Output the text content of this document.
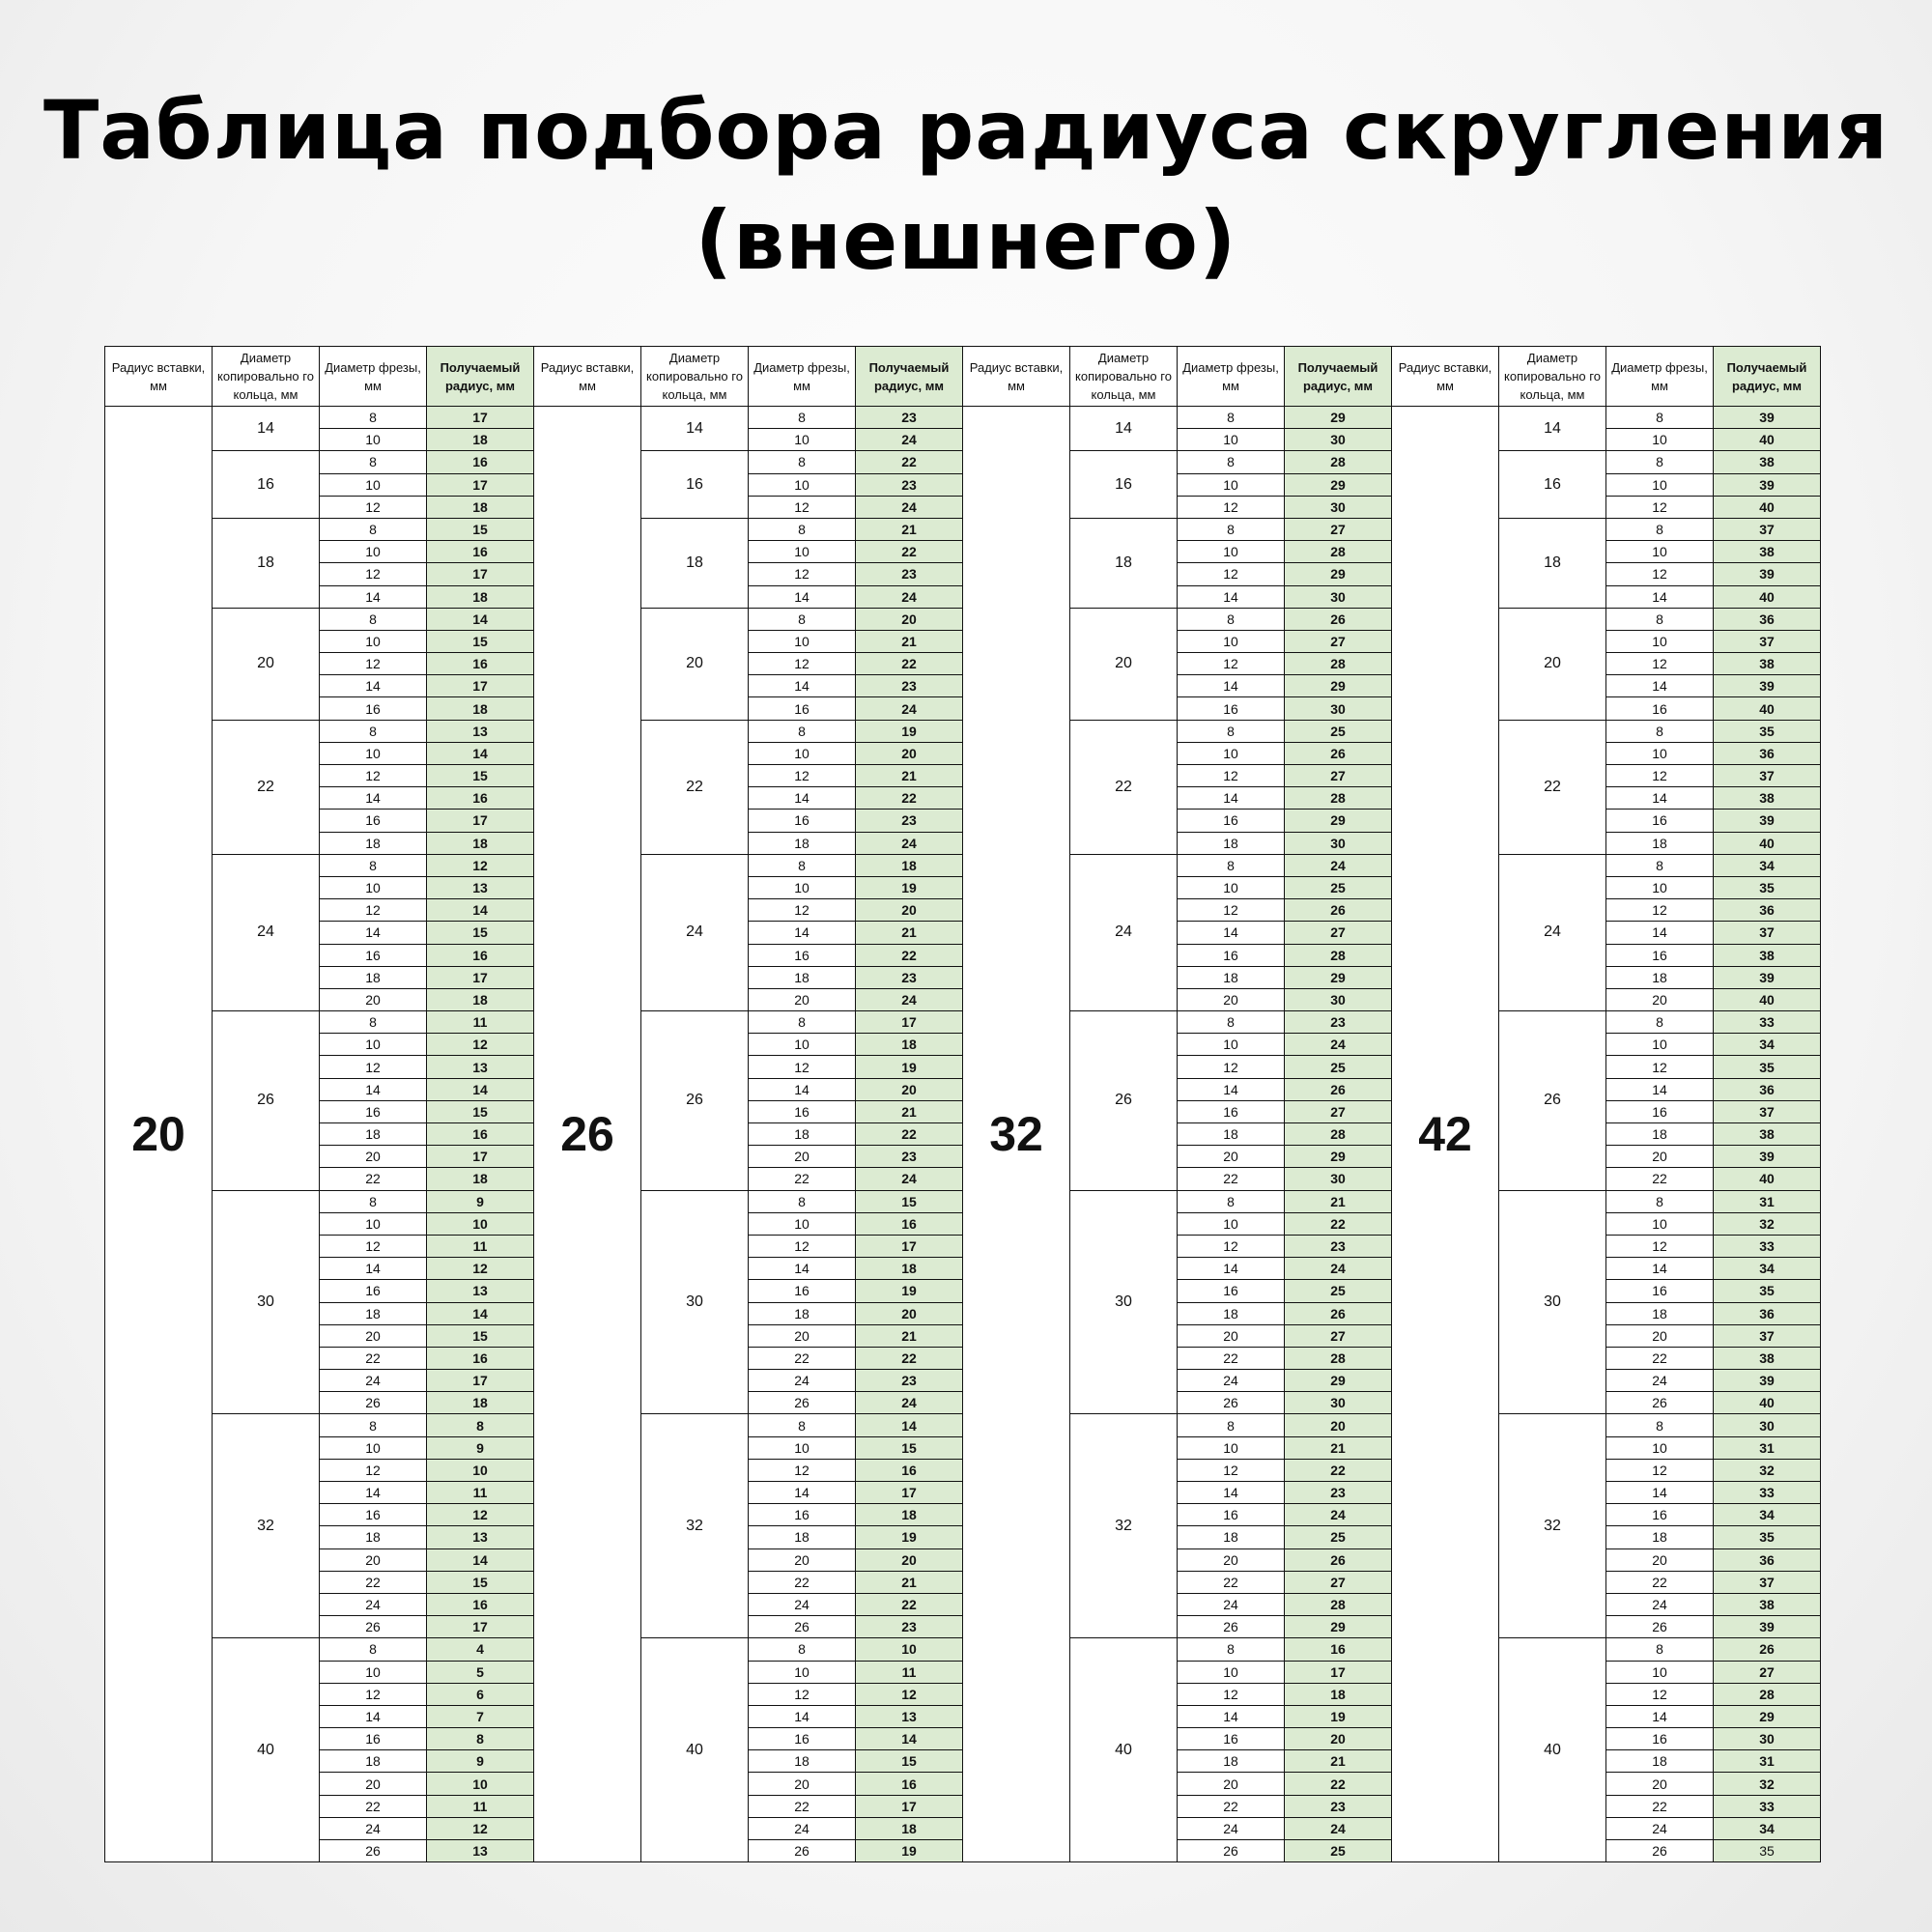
Таблица подбора радиуса скругления
(внешнего)
Радиус вставки, мм	Диаметр копировально го кольца, мм	Диаметр фрезы, мм	Получаемый радиус, мм	Радиус вставки, мм	Диаметр копировально го кольца, мм	Диаметр фрезы, мм	Получаемый радиус, мм	Радиус вставки, мм	Диаметр копировально го кольца, мм	Диаметр фрезы, мм	Получаемый радиус, мм	Радиус вставки, мм	Диаметр копировально го кольца, мм	Диаметр фрезы, мм	Получаемый радиус, мм
20	14	8	17	26	14	8	23	32	14	8	29	42	14	8	39
		10	18			10	24			10	30			10	40
	16	8	16		16	8	22		16	8	28		16	8	38
		10	17			10	23			10	29			10	39
		12	18			12	24			12	30			12	40
	18	8	15		18	8	21		18	8	27		18	8	37
		10	16			10	22			10	28			10	38
		12	17			12	23			12	29			12	39
		14	18			14	24			14	30			14	40
	20	8	14		20	8	20		20	8	26		20	8	36
		10	15			10	21			10	27			10	37
		12	16			12	22			12	28			12	38
		14	17			14	23			14	29			14	39
		16	18			16	24			16	30			16	40
	22	8	13		22	8	19		22	8	25		22	8	35
		10	14			10	20			10	26			10	36
		12	15			12	21			12	27			12	37
		14	16			14	22			14	28			14	38
		16	17			16	23			16	29			16	39
		18	18			18	24			18	30			18	40
	24	8	12		24	8	18		24	8	24		24	8	34
		10	13			10	19			10	25			10	35
		12	14			12	20			12	26			12	36
		14	15			14	21			14	27			14	37
		16	16			16	22			16	28			16	38
		18	17			18	23			18	29			18	39
		20	18			20	24			20	30			20	40
	26	8	11		26	8	17		26	8	23		26	8	33
		10	12			10	18			10	24			10	34
		12	13			12	19			12	25			12	35
		14	14			14	20			14	26			14	36
		16	15			16	21			16	27			16	37
		18	16			18	22			18	28			18	38
		20	17			20	23			20	29			20	39
		22	18			22	24			22	30			22	40
	30	8	9		30	8	15		30	8	21		30	8	31
		10	10			10	16			10	22			10	32
		12	11			12	17			12	23			12	33
		14	12			14	18			14	24			14	34
		16	13			16	19			16	25			16	35
		18	14			18	20			18	26			18	36
		20	15			20	21			20	27			20	37
		22	16			22	22			22	28			22	38
		24	17			24	23			24	29			24	39
		26	18			26	24			26	30			26	40
	32	8	8		32	8	14		32	8	20		32	8	30
		10	9			10	15			10	21			10	31
		12	10			12	16			12	22			12	32
		14	11			14	17			14	23			14	33
		16	12			16	18			16	24			16	34
		18	13			18	19			18	25			18	35
		20	14			20	20			20	26			20	36
		22	15			22	21			22	27			22	37
		24	16			24	22			24	28			24	38
		26	17			26	23			26	29			26	39
	40	8	4		40	8	10		40	8	16		40	8	26
		10	5			10	11			10	17			10	27
		12	6			12	12			12	18			12	28
		14	7			14	13			14	19			14	29
		16	8			16	14			16	20			16	30
		18	9			18	15			18	21			18	31
		20	10			20	16			20	22			20	32
		22	11			22	17			22	23			22	33
		24	12			24	18			24	24			24	34
		26	13			26	19			26	25			26	35
